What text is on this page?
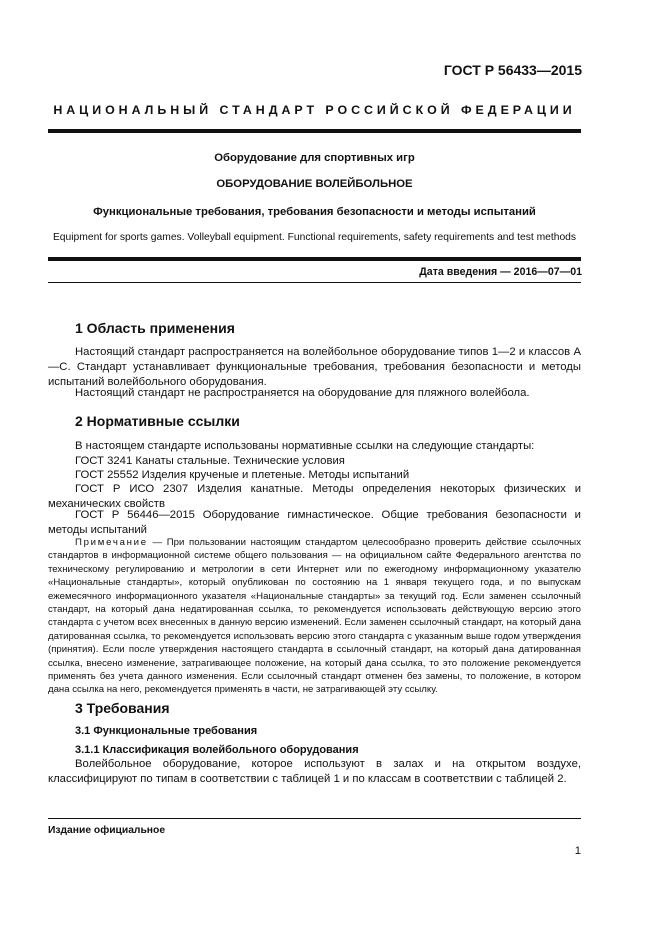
ГОСТ Р 56433—2015
НАЦИОНАЛЬНЫЙ СТАНДАРТ РОССИЙСКОЙ ФЕДЕРАЦИИ
Оборудование для спортивных игр
ОБОРУДОВАНИЕ ВОЛЕЙБОЛЬНОЕ
Функциональные требования, требования безопасности и методы испытаний
Equipment for sports games. Volleyball equipment. Functional requirements, safety requirements and test methods
Дата введения — 2016—07—01
1 Область применения

Настоящий стандарт распространяется на волейбольное оборудование типов 1—2 и классов А—С. Стандарт устанавливает функциональные требования, требования безопасности и методы испытаний волейбольного оборудования.

Настоящий стандарт не распространяется на оборудование для пляжного волейбола.

2 Нормативные ссылки

В настоящем стандарте использованы нормативные ссылки на следующие стандарты:

ГОСТ 3241 Канаты стальные. Технические условия

ГОСТ 25552 Изделия крученые и плетеные. Методы испытаний

ГОСТ Р ИСО 2307 Изделия канатные. Методы определения некоторых физических и механических свойств

ГОСТ Р 56446—2015 Оборудование гимнастическое. Общие требования безопасности и методы испытаний

Примечание — При пользовании настоящим стандартом целесообразно проверить действие ссылочных стандартов в информационной системе общего пользования — на официальном сайте Федерального агентства по техническому регулированию и метрологии в сети Интернет или по ежегодному информационному указателю «Национальные стандарты», который опубликован по состоянию на 1 января текущего года, и по выпускам ежемесячного информационного указателя «Национальные стандарты» за текущий год. Если заменен ссылочный стандарт, на который дана недатированная ссылка, то рекомендуется использовать действующую версию этого стандарта с учетом всех внесенных в данную версию изменений. Если заменен ссылочный стандарт, на который дана датированная ссылка, то рекомендуется использовать версию этого стандарта с указанным выше годом утверждения (принятия). Если после утверждения настоящего стандарта в ссылочный стандарт, на который дана датированная ссылка, внесено изменение, затрагивающее положение, на который дана ссылка, то это положение рекомендуется применять без учета данного изменения. Если ссылочный стандарт отменен без замены, то положение, в котором дана ссылка на него, рекомендуется применять в части, не затрагивающей эту ссылку.

3 Требования
3.1 Функциональные требования
3.1.1 Классификация волейбольного оборудования

Волейбольное оборудование, которое используют в залах и на открытом воздухе, классифицируют по типам в соответствии с таблицей 1 и по классам в соответствии с таблицей 2.

Издание официальное
1
